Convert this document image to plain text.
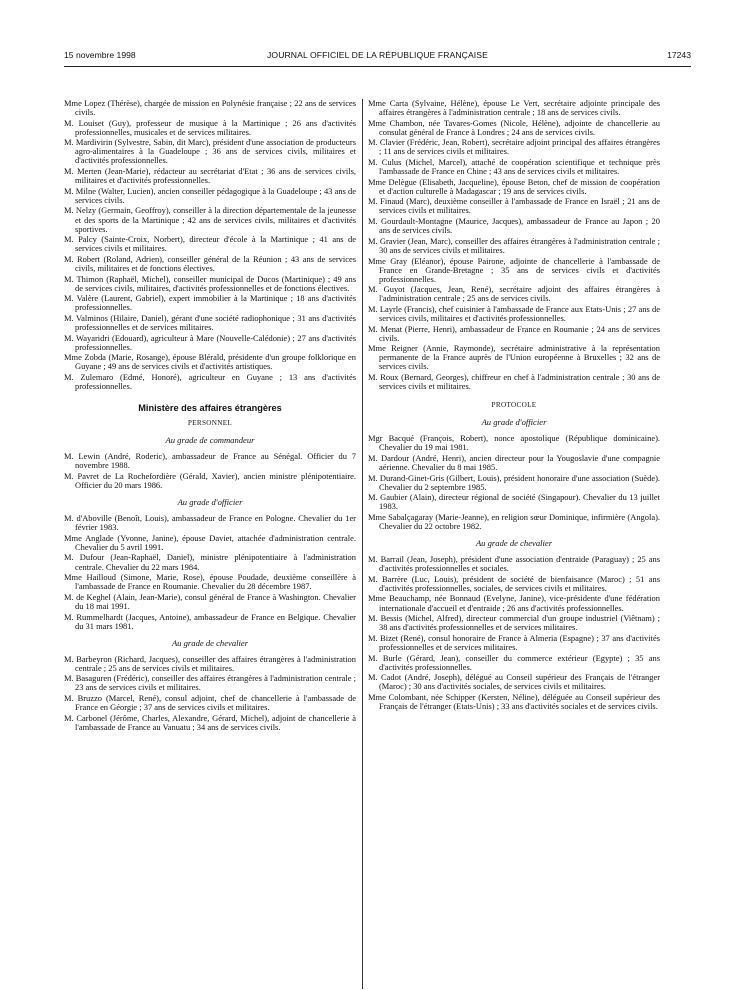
15 novembre 1998	JOURNAL OFFICIEL DE LA RÉPUBLIQUE FRANÇAISE	17243
Mme Lopez (Thérèse), chargée de mission en Polynésie française ; 22 ans de services civils.
M. Louiset (Guy), professeur de musique à la Martinique ; 26 ans d'activités professionnelles, musicales et de services militaires.
M. Mardivirin (Sylvestre, Sabin, dit Marc), président d'une association de producteurs agro-alimentaires à la Guadeloupe ; 36 ans de services civils, militaires et d'activités professionnelles.
M. Merten (Jean-Marie), rédacteur au secrétariat d'Etat ; 36 ans de services civils, militaires et d'activités professionnelles.
M. Milne (Walter, Lucien), ancien conseiller pédagogique à la Guadeloupe ; 43 ans de services civils.
M. Nelzy (Germain, Geoffroy), conseiller à la direction départementale de la jeunesse et des sports de la Martinique ; 42 ans de services civils, militaires et d'activités sportives.
M. Palcy (Sainte-Croix, Norbert), directeur d'école à la Martinique ; 41 ans de services civils et militaires.
M. Robert (Roland, Adrien), conseiller général de la Réunion ; 43 ans de services civils, militaires et de fonctions électives.
M. Thimon (Raphaël, Michel), conseiller municipal de Ducos (Martinique) ; 49 ans de services civils, militaires, d'activités professionnelles et de fonctions électives.
M. Valère (Laurent, Gabriel), expert immobilier à la Martinique ; 18 ans d'activités professionnelles.
M. Valminos (Hilaire, Daniel), gérant d'une société radiophonique ; 31 ans d'activités professionnelles et de services militaires.
M. Wayaridri (Edouard), agriculteur à Mare (Nouvelle-Calédonie) ; 27 ans d'activités professionnelles.
Mme Zobda (Marie, Rosange), épouse Blérald, présidente d'un groupe folklorique en Guyane ; 49 ans de services civils et d'activités artistiques.
M. Zulemaro (Edmé, Honoré), agriculteur en Guyane ; 13 ans d'activités professionnelles.
Ministère des affaires étrangères
PERSONNEL
Au grade de commandeur
M. Lewin (André, Roderic), ambassadeur de France au Sénégal. Officier du 7 novembre 1988.
M. Pavret de La Rochefordière (Gérald, Xavier), ancien ministre plénipotentiaire. Officier du 20 mars 1986.
Au grade d'officier
M. d'Aboville (Benoît, Louis), ambassadeur de France en Pologne. Chevalier du 1er février 1983.
Mme Anglade (Yvonne, Janine), épouse Daviet, attachée d'administration centrale. Chevalier du 5 avril 1991.
M. Dufour (Jean-Raphaël, Daniel), ministre plénipotentiaire à l'administration centrale. Chevalier du 22 mars 1984.
Mme Hailloud (Simone, Marie, Rose), épouse Poudade, deuxième conseillère à l'ambassade de France en Roumanie. Chevalier du 28 décembre 1987.
M. de Keghel (Alain, Jean-Marie), consul général de France à Washington. Chevalier du 18 mai 1991.
M. Rummelhardt (Jacques, Antoine), ambassadeur de France en Belgique. Chevalier du 31 mars 1981.
Au grade de chevalier
M. Barbeyron (Richard, Jacques), conseiller des affaires étrangères à l'administration centrale ; 25 ans de services civils et militaires.
M. Basaguren (Frédéric), conseiller des affaires étrangères à l'administration centrale ; 23 ans de services civils et militaires.
M. Bruzzo (Marcel, René), consul adjoint, chef de chancellerie à l'ambassade de France en Géorgie ; 37 ans de services civils et militaires.
M. Carbonel (Jérôme, Charles, Alexandre, Gérard, Michel), adjoint de chancellerie à l'ambassade de France au Vanuatu ; 34 ans de services civils.
Mme Carta (Sylvaine, Hélène), épouse Le Vert, secrétaire adjointe principale des affaires étrangères à l'administration centrale ; 18 ans de services civils.
Mme Chambon, née Tavares-Gomes (Nicole, Hélène), adjointe de chancellerie au consulat général de France à Londres ; 24 ans de services civils.
M. Clavier (Frédéric, Jean, Robert), secrétaire adjoint principal des affaires étrangères ; 11 ans de services civils et militaires.
M. Culus (Michel, Marcel), attaché de coopération scientifique et technique près l'ambassade de France en Chine ; 43 ans de services civils et militaires.
Mme Delègue (Elisabeth, Jacqueline), épouse Beton, chef de mission de coopération et d'action culturelle à Madagascar ; 19 ans de services civils.
M. Finaud (Marc), deuxième conseiller à l'ambassade de France en Israël ; 21 ans de services civils et militaires.
M. Gourdault-Montagne (Maurice, Jacques), ambassadeur de France au Japon ; 20 ans de services civils.
M. Gravier (Jean, Marc), conseiller des affaires étrangères à l'administration centrale ; 30 ans de services civils et militaires.
Mme Gray (Eléanor), épouse Pairone, adjointe de chancellerie à l'ambassade de France en Grande-Bretagne ; 35 ans de services civils et d'activités professionnelles.
M. Guyot (Jacques, Jean, René), secrétaire adjoint des affaires étrangères à l'administration centrale ; 25 ans de services civils.
M. Layrle (Francis), chef cuisinier à l'ambassade de France aux Etats-Unis ; 27 ans de services civils, militaires et d'activités professionnelles.
M. Menat (Pierre, Henri), ambassadeur de France en Roumanie ; 24 ans de services civils.
Mme Reigner (Annie, Raymonde), secrétaire administrative à la représentation permanente de la France auprès de l'Union européenne à Bruxelles ; 32 ans de services civils.
M. Roux (Bernard, Georges), chiffreur en chef à l'administration centrale ; 30 ans de services civils et militaires.
PROTOCOLE
Au grade d'officier
Mgr Bacqué (François, Robert), nonce apostolique (République dominicaine). Chevalier du 19 mai 1981.
M. Dardour (André, Henri), ancien directeur pour la Yougoslavie d'une compagnie aérienne. Chevalier du 8 mai 1985.
M. Durand-Ginet-Gris (Gilbert, Louis), président honoraire d'une association (Suède). Chevalier du 2 septembre 1985.
M. Gaubier (Alain), directeur régional de société (Singapour). Chevalier du 13 juillet 1983.
Mme Sabalçagaray (Marie-Jeanne), en religion sœur Dominique, infirmière (Angola). Chevalier du 22 octobre 1982.
Au grade de chevalier
M. Barrail (Jean, Joseph), président d'une association d'entraide (Paraguay) ; 25 ans d'activités professionnelles et sociales.
M. Barrère (Luc, Louis), président de société de bienfaisance (Maroc) ; 51 ans d'activités professionnelles, sociales, de services civils et militaires.
Mme Beauchamp, née Bonnaud (Evelyne, Janine), vice-présidente d'une fédération internationale d'accueil et d'entraide ; 26 ans d'activités professionnelles.
M. Bessis (Michel, Alfred), directeur commercial d'un groupe industriel (Viêtnam) ; 38 ans d'activités professionnelles et de services militaires.
M. Bizet (René), consul honoraire de France à Almeria (Espagne) ; 37 ans d'activités professionnelles et de services militaires.
M. Burle (Gérard, Jean), conseiller du commerce extérieur (Egypte) ; 35 ans d'activités professionnelles.
M. Cadot (André, Joseph), délégué au Conseil supérieur des Français de l'étranger (Maroc) ; 30 ans d'activités sociales, de services civils et militaires.
Mme Colombant, née Schipper (Kersten, Néline), déléguée au Conseil supérieur des Français de l'étranger (Etats-Unis) ; 33 ans d'activités sociales et de services civils.
